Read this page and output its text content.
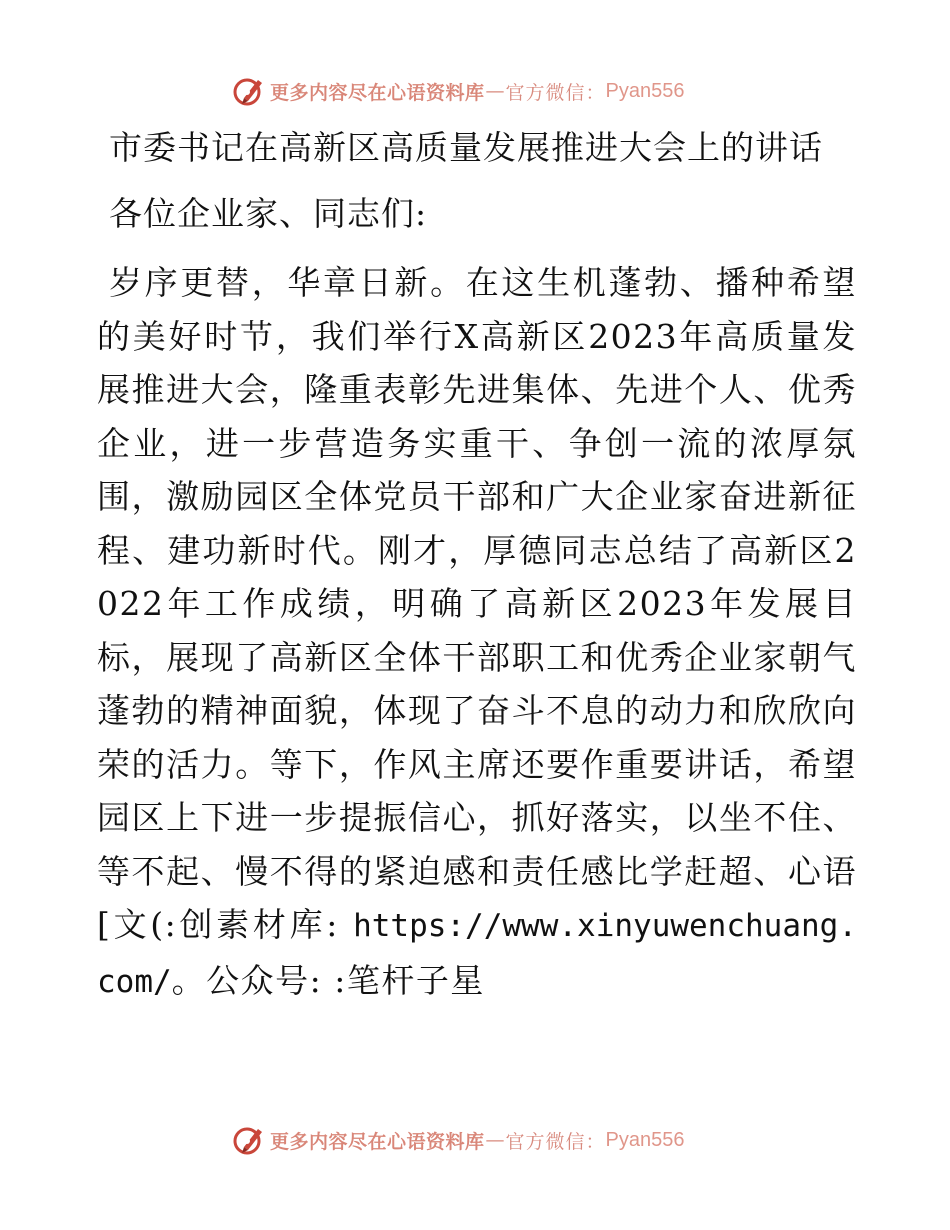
更多内容尽在心语资料库 — 官方微信： Pyan556
市委书记在高新区高质量发展推进大会上的讲话
各位企业家、同志们:

岁序更替，华章日新。在这生机蓬勃、播种希望的美好时节，我们举行X高新区2023年高质量发展推进大会，隆重表彰先进集体、先进个人、优秀企业，进一步营造务实重干、争创一流的浓厚氛围，激励园区全体党员干部和广大企业家奋进新征程、建功新时代。刚才，厚德同志总结了高新区2022年工作成绩，明确了高新区2023年发展目标，展现了高新区全体干部职工和优秀企业家朝气蓬勃的精神面貌，体现了奋斗不息的动力和欣欣向荣的活力。等下，作风主席还要作重要讲话，希望园区上下进一步提振信心，抓好落实，以坐不住、等不起、慢不得的紧迫感和责任感比学赶超、心语[文(:创素材库: https://www.xinyuwenchuang.com/。公众号: :笔杆子星

更多内容尽在心语资料库 — 官方微信： Pyan556
